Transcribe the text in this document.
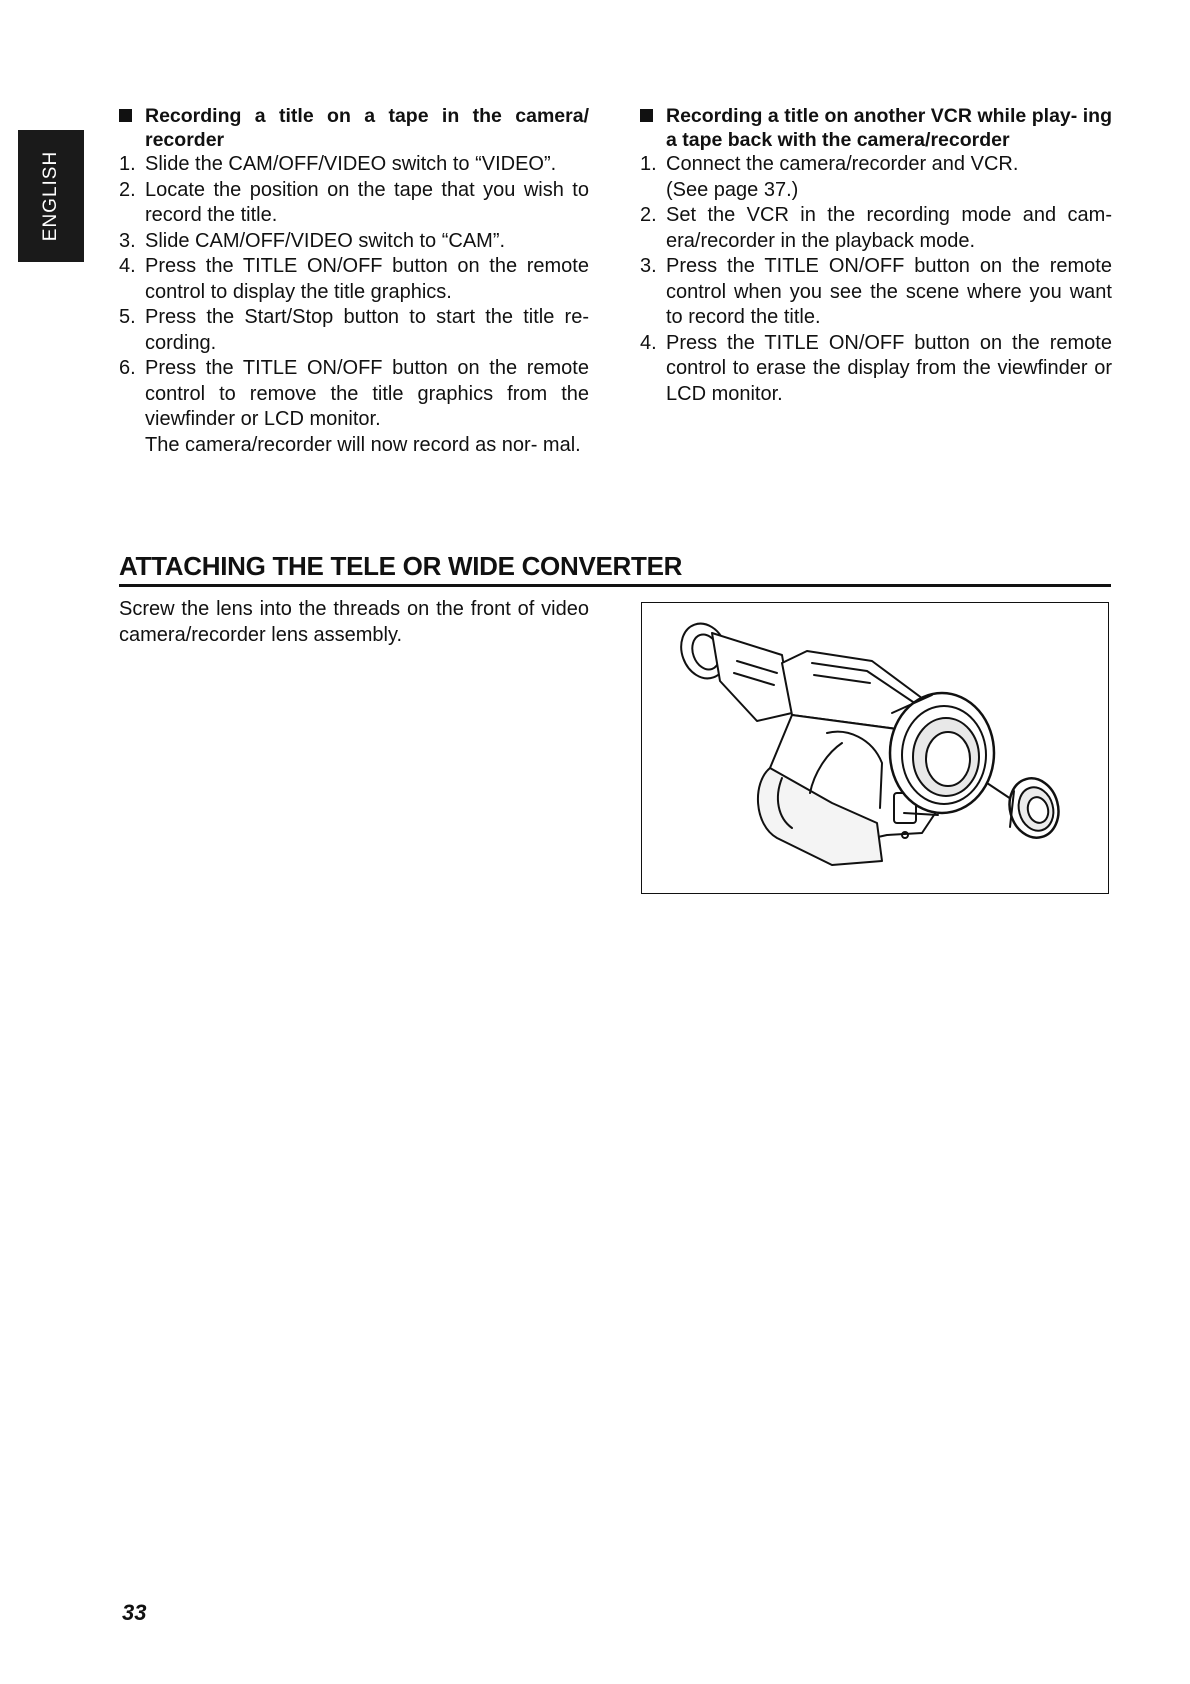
ENGLISH
Recording a title on a tape in the camera/ recorder
1. Slide the CAM/OFF/VIDEO switch to “VIDEO”.
2. Locate the position on the tape that you wish to record the title.
3. Slide CAM/OFF/VIDEO switch to “CAM”.
4. Press the TITLE ON/OFF button on the remote control to display the title graphics.
5. Press the Start/Stop button to start the title re- cording.
6. Press the TITLE ON/OFF button on the remote control to remove the title graphics from the viewfinder or LCD monitor.
The camera/recorder will now record as nor- mal.
Recording a title on another VCR while play- ing a tape back with the camera/recorder
1. Connect the camera/recorder and VCR.
(See page 37.)
2. Set the VCR in the recording mode and cam- era/recorder in the playback mode.
3. Press the TITLE ON/OFF button on the remote control when you see the scene where you want to record the title.
4. Press the TITLE ON/OFF button on the remote control to erase the display from the viewfinder or LCD monitor.
ATTACHING THE TELE OR WIDE CONVERTER
Screw the lens into the threads on the front of video camera/recorder lens assembly.
33
